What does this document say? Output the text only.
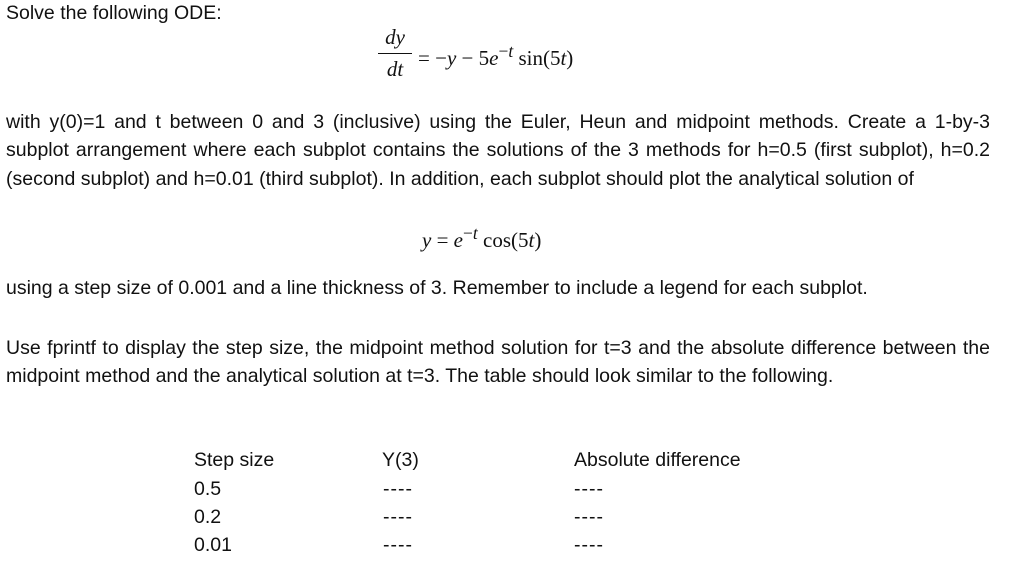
Solve the following ODE:
dy
dt = $-y - 5e^{-t}$ sin(5t)
with y(0)=1 and t between 0 and 3 (inclusive) using the Euler, Heun and midpoint methods. Create a 1-by-3 subplot arrangement where each subplot contains the solutions of the 3 methods for h=0.5 (first subplot), h=0.2 (second subplot) and h=0.01 (third subplot). In addition, each subplot should plot the analytical solution of
$y = e^{-t}$ cos(5t)
using a step size of 0.001 and a line thickness of 3. Remember to include a legend for each subplot.
Use fprintf to display the step size, the midpoint method solution for t=3 and the absolute difference between the midpoint method and the analytical solution at t=3. The table should look similar to the following.
Step size	Y(3)	Absolute difference
0.5	----	----
0.2	----	----
0.01	----	----
